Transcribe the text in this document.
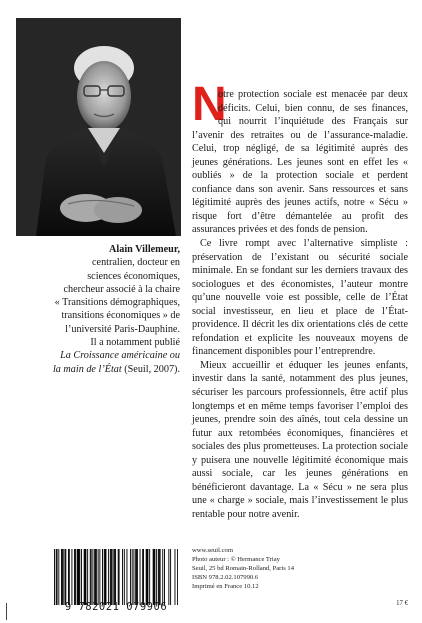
Alain Villemeur,

centralien, docteur en

sciences économiques,

chercheur associé à la chaire

« Transitions démographiques,

transitions économiques » de

l’université Paris-Dauphine.

Il a notamment publié

La Croissance américaine ou

la main de l’État (Seuil, 2007).

N

otre protection sociale est menacée par deux déficits. Celui, bien connu, de ses finances, qui nourrit l’inquiétude des Français sur l’avenir des retraites ou de l’assurance-maladie. Celui, trop négligé, de sa légitimité auprès des jeunes générations. Les jeunes sont en effet les « oubliés » de la protection sociale et perdent confiance dans son avenir. Sans ressources et sans légitimité auprès des jeunes actifs, notre « Sécu » risque fort d’être démantelée au profit des assurances privées et des fonds de pension.

Ce livre rompt avec l’alternative simpliste : préservation de l’existant ou sécurité sociale minimale. En se fondant sur les derniers travaux des sociologues et des économistes, l’auteur montre qu’une nouvelle voie est possible, celle de l’État social investisseur, en lieu et place de l’État-providence. Il décrit les dix orientations clés de cette refondation et explicite les nouveaux moyens de financement disponibles pour l’entreprendre.

Mieux accueillir et éduquer les jeunes enfants, investir dans la santé, notamment des plus jeunes, sécuriser les parcours professionnels, être actif plus longtemps et en même temps favoriser l’emploi des jeunes, prendre soin des aînés, tout cela dessine un futur aux retombées économiques, financières et sociales des plus prometteuses. La protection sociale y puisera une nouvelle légitimité économique mais aussi sociale, car les jeunes générations en bénéficieront davantage. La « Sécu » ne sera plus une « charge » sociale, mais l’investissement le plus rentable pour notre avenir.

9 782021 079906
www.seuil.com
Photo auteur : © Hermance Triay
Seuil, 25 bd Romain-Rolland, Paris 14
ISBN 978.2.02.107990.6
Imprimé en France 10.12
17 €
